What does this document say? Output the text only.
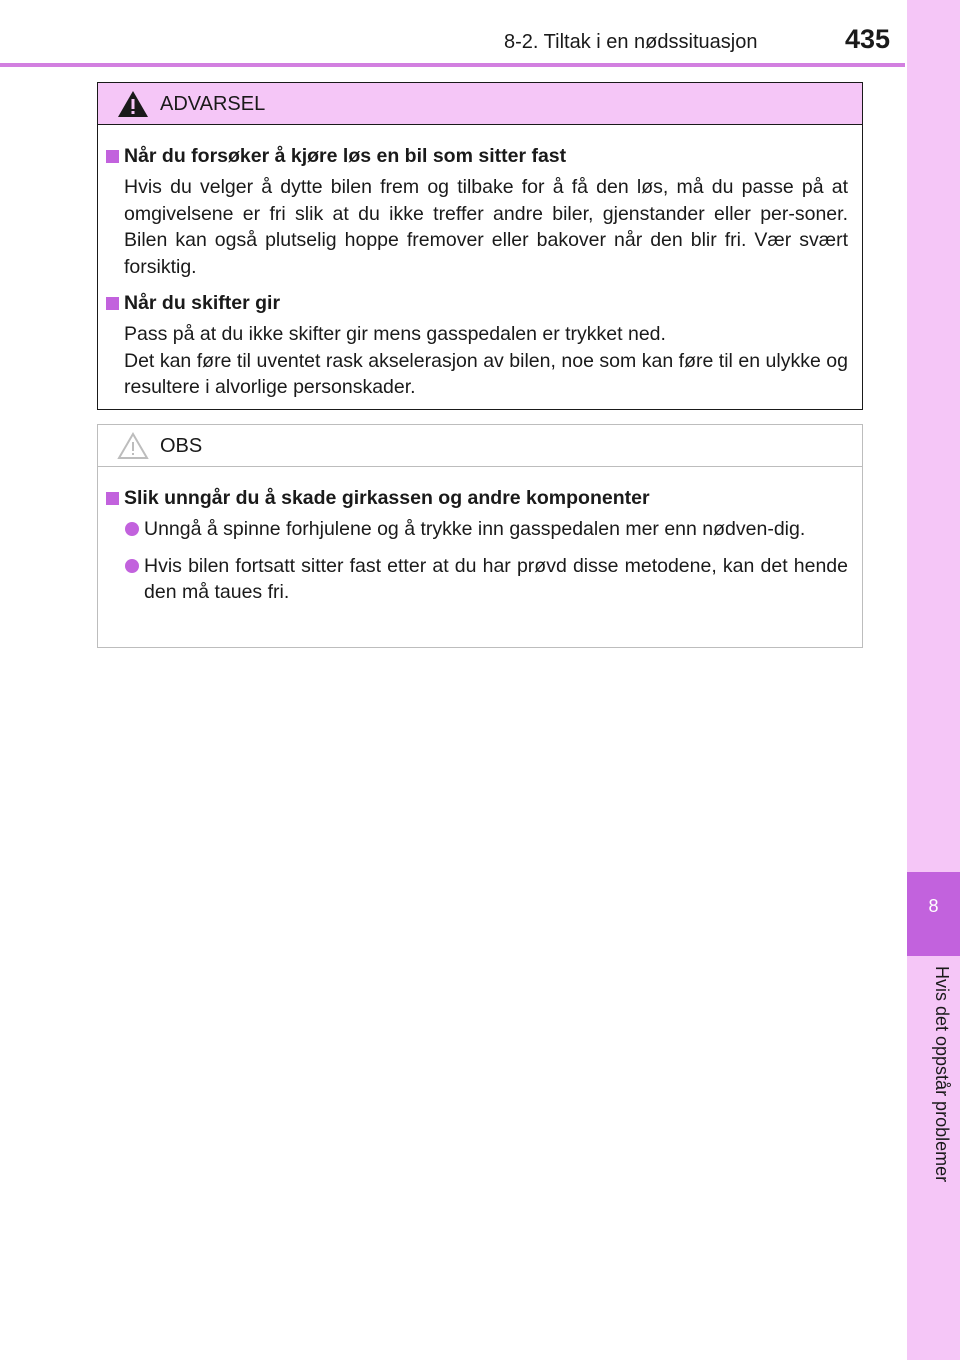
8-2. Tiltak i en nødssituasjon	435
8
Hvis det oppstår problemer
ADVARSEL
Når du forsøker å kjøre løs en bil som sitter fast
Hvis du velger å dytte bilen frem og tilbake for å få den løs, må du passe på at omgivelsene er fri slik at du ikke treffer andre biler, gjenstander eller per-soner. Bilen kan også plutselig hoppe fremover eller bakover når den blir fri. Vær svært forsiktig.
Når du skifter gir
Pass på at du ikke skifter gir mens gasspedalen er trykket ned.
Det kan føre til uventet rask akselerasjon av bilen, noe som kan føre til en ulykke og resultere i alvorlige personskader.
OBS
Slik unngår du å skade girkassen og andre komponenter
Unngå å spinne forhjulene og å trykke inn gasspedalen mer enn nødven-dig.
Hvis bilen fortsatt sitter fast etter at du har prøvd disse metodene, kan det hende den må taues fri.
